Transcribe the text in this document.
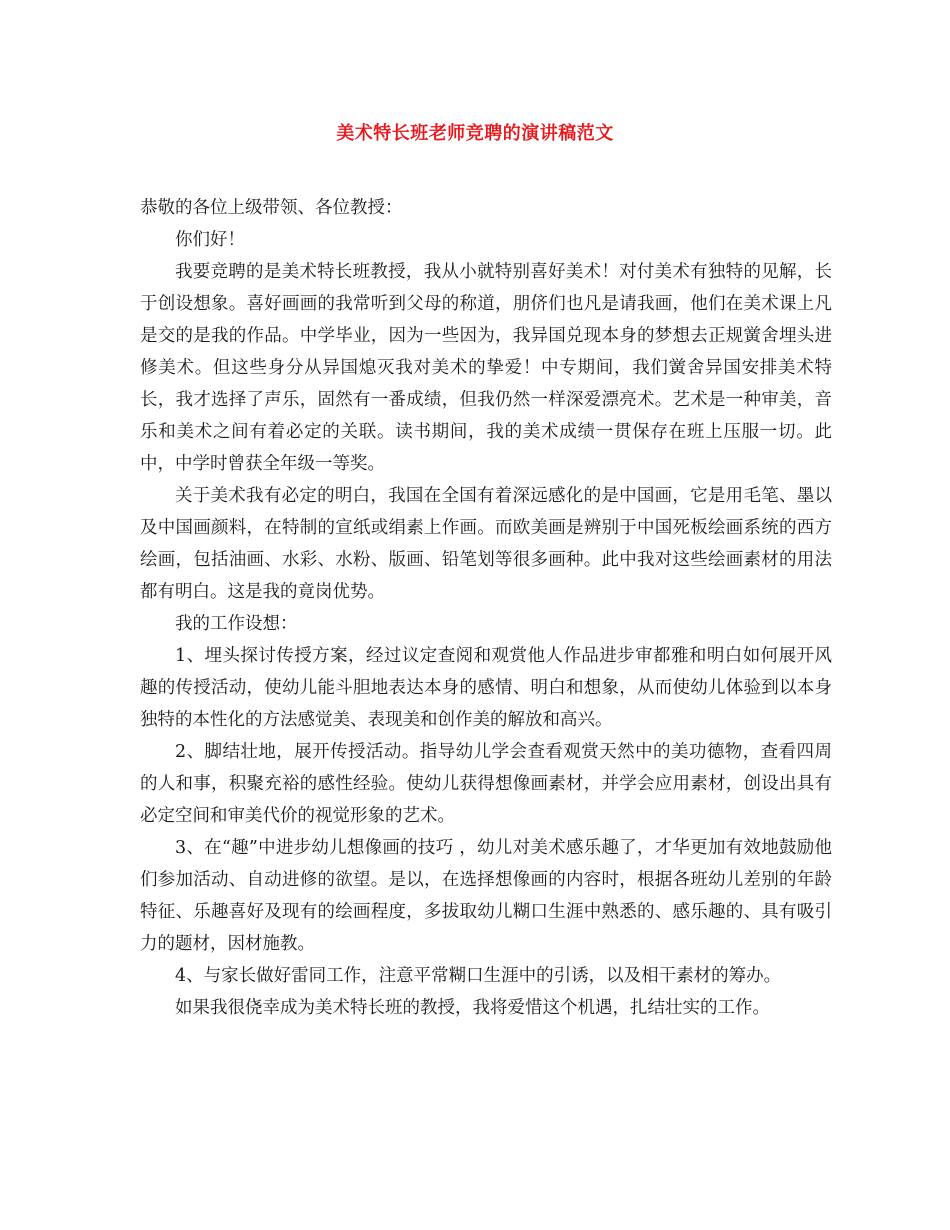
美术特长班老师竞聘的演讲稿范文

恭敬的各位上级带领、各位教授：

你们好！

我要竞聘的是美术特长班教授，我从小就特别喜好美术！对付美术有独特的见解，长于创设想象。喜好画画的我常听到父母的称道，朋侪们也凡是请我画，他们在美术课上凡是交的是我的作品。中学毕业，因为一些因为，我异国兑现本身的梦想去正规黉舍埋头进修美术。但这些身分从异国熄灭我对美术的挚爱！中专期间，我们黉舍异国安排美术特长，我才选择了声乐，固然有一番成绩，但我仍然一样深爱漂亮术。艺术是一种审美，音乐和美术之间有着必定的关联。读书期间，我的美术成绩一贯保存在班上压服一切。此中，中学时曾获全年级一等奖。

关于美术我有必定的明白，我国在全国有着深远感化的是中国画，它是用毛笔、墨以及中国画颜料，在特制的宣纸或绢素上作画。而欧美画是辨别于中国死板绘画系统的西方绘画，包括油画、水彩、水粉、版画、铅笔划等很多画种。此中我对这些绘画素材的用法都有明白。这是我的竟岗优势。

我的工作设想：

1、埋头探讨传授方案，经过议定查阅和观赏他人作品进步审都雅和明白如何展开风趣的传授活动，使幼儿能斗胆地表达本身的感情、明白和想象，从而使幼儿体验到以本身独特的本性化的方法感觉美、表现美和创作美的解放和高兴。

2、脚结壮地，展开传授活动。指导幼儿学会查看观赏天然中的美功德物，查看四周的人和事，积聚充裕的感性经验。使幼儿获得想像画素材，并学会应用素材，创设出具有必定空间和审美代价的视觉形象的艺术。

3、在“趣”中进步幼儿想像画的技巧 ，幼儿对美术感乐趣了，才华更加有效地鼓励他们参加活动、自动进修的欲望。是以，在选择想像画的内容时，根据各班幼儿差别的年龄特征、乐趣喜好及现有的绘画程度，多拔取幼儿糊口生涯中熟悉的、感乐趣的、具有吸引力的题材，因材施教。

4、与家长做好雷同工作，注意平常糊口生涯中的引诱，以及相干素材的筹办。

如果我很侥幸成为美术特长班的教授，我将爱惜这个机遇，扎结壮实的工作。
